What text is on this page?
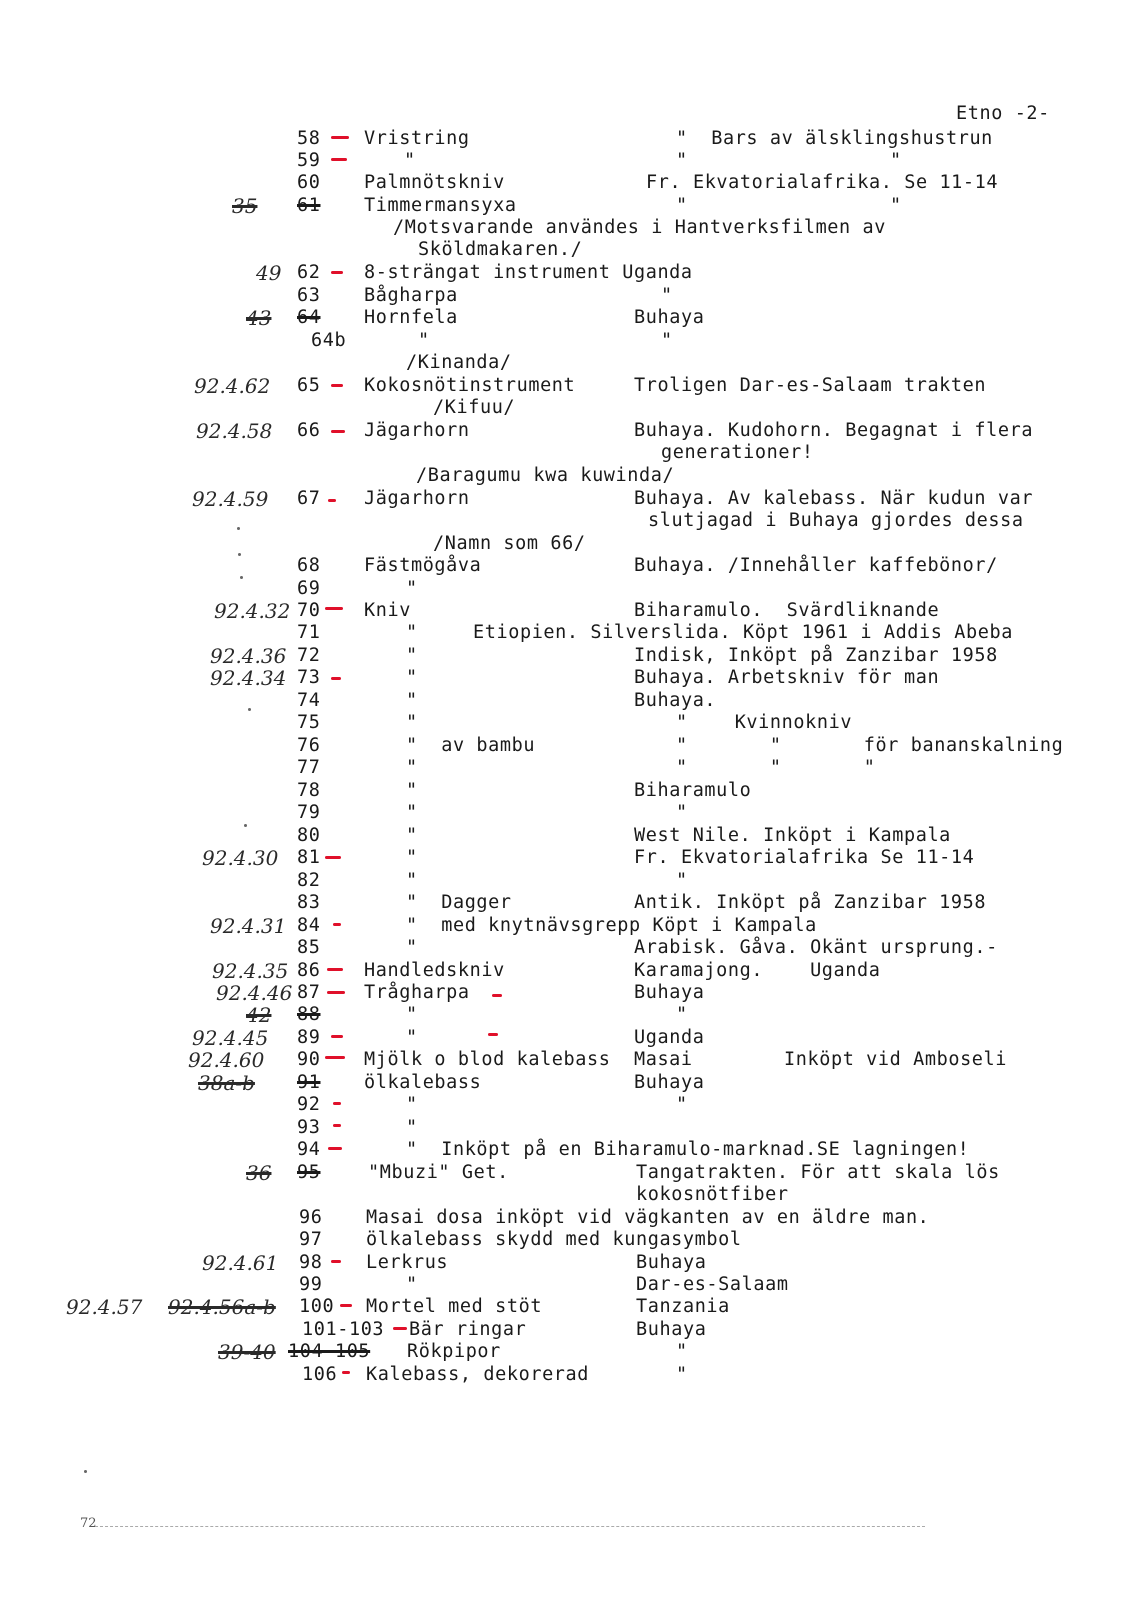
Etno -2-
58 Vristring	"  Bars av älsklingshustrun
59	"	"	"
60 Palmnötskniv	Fr. Ekvatorialafrika. Se 11-14
35 61 Timmermansyxa	"	"
/Motsvarande användes i Hantverksfilmen av
Sköldmakaren./
49 62 8-strängat instrument Uganda
63 Bågharpa	"
43 64 Hornfela	Buhaya
64b	"	"
/Kinanda/
92.4.62 65 Kokosnötinstrument	Troligen Dar-es-Salaam trakten
/Kifuu/
92.4.58 66 Jägarhorn	Buhaya. Kudohorn. Begagnat i flera
generationer!
/Baragumu kwa kuwinda/
92.4.59 67 Jägarhorn	Buhaya. Av kalebass. När kudun var
slutjagad i Buhaya gjordes dessa
/Namn som 66/
68 Fästmögåva	Buhaya. /Innehåller kaffebönor/
69	"
92.4.32 70 Kniv	Biharamulo.  Svärdliknande
71	"	Etiopien. Silverslida. Köpt 1961 i Addis Abeba
92.4.36 72	"	Indisk, Inköpt på Zanzibar 1958
92.4.34 73	"	Buhaya. Arbetskniv för man
74	"	Buhaya.
75	"	"    Kvinnokniv
76	"  av bambu	"       "       för bananskalning
77	"	"       "       "
78	"	Biharamulo
79	"	"
80	"	West Nile. Inköpt i Kampala
92.4.30 81	"	Fr. Ekvatorialafrika Se 11-14
82	"	"
83	"  Dagger	Antik. Inköpt på Zanzibar 1958
92.4.31 84	"  med knytnävsgrepp Köpt i Kampala
85	"	Arabisk. Gåva. Okänt ursprung.-
92.4.35 86 Handledskniv	Karamajong.    Uganda
92.4.46 87 Trågharpa	Buhaya
42 88	"	"
92.4.45 89	"	Uganda
92.4.60 90 Mjölk o blod kalebass  Masai	Inköpt vid Amboseli
38a-b 91 ölkalebass	Buhaya
92	"	"
93	"
94	"  Inköpt på en Biharamulo-marknad.SE lagningen!
36 95	"Mbuzi" Get.	Tangatrakten. För att skala lös
kokosnötfiber
96 Masai dosa inköpt vid vägkanten av en äldre man.
97 ölkalebass skydd med kungasymbol
92.4.61 98 Lerkrus	Buhaya
99	"	Dar-es-Salaam
92.4.57 92.4.56a-b 100 Mortel med stöt	Tanzania
101-103 Bär ringar	Buhaya
39-40 104-105 Rökpipor	"
106 Kalebass, dekorerad	"
72
